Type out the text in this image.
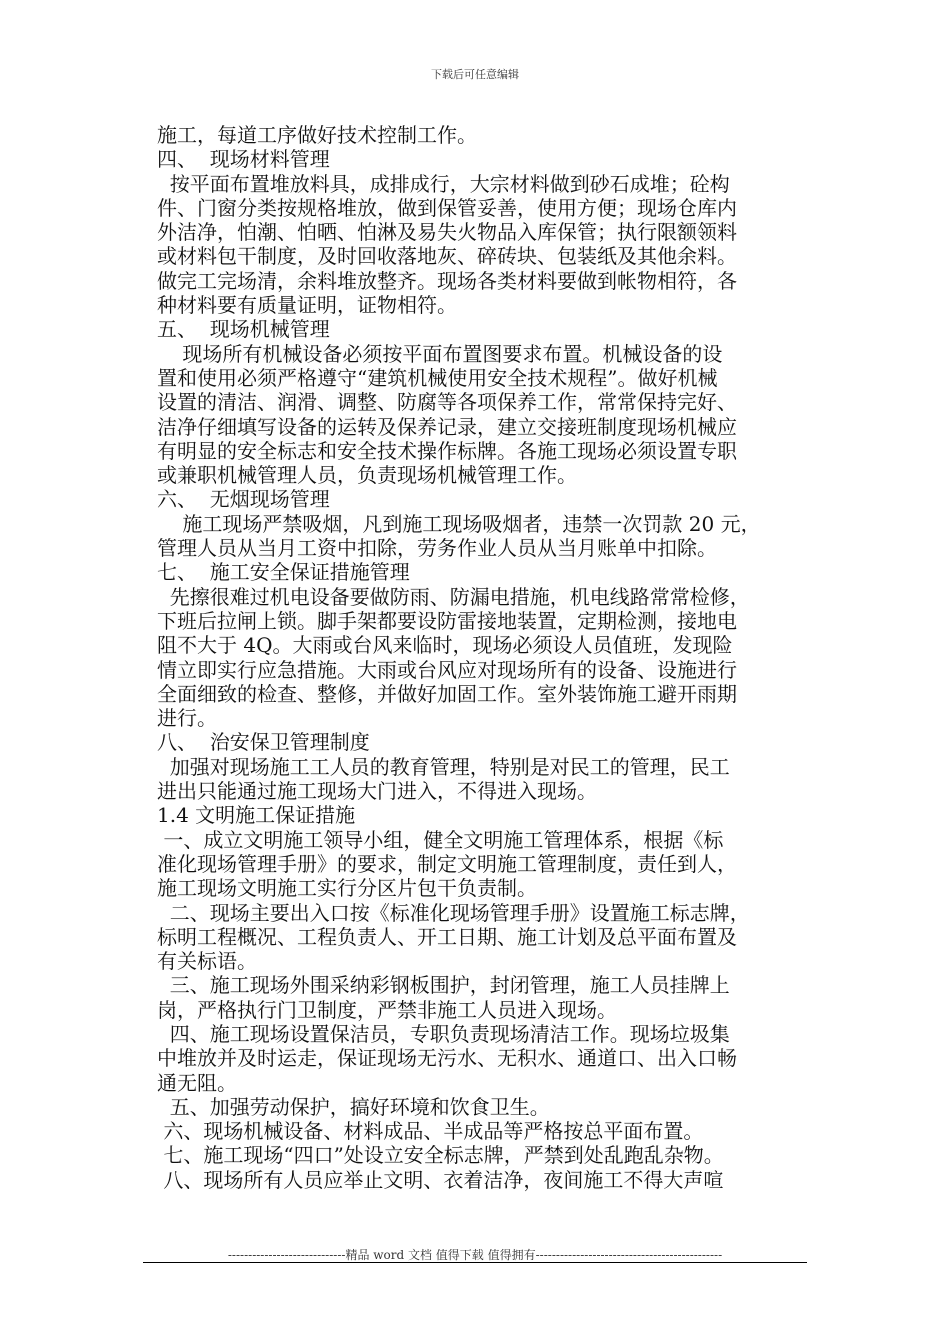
下载后可任意编辑
施工，每道工序做好技术控制工作。
四、  现场材料管理
按平面布置堆放料具，成排成行，大宗材料做到砂石成堆；砼构
件、门窗分类按规格堆放，做到保管妥善，使用方便；现场仓库内
外洁净，怕潮、怕晒、怕淋及易失火物品入库保管；执行限额领料
或材料包干制度，及时回收落地灰、碎砖块、包装纸及其他余料。
做完工完场清，余料堆放整齐。现场各类材料要做到帐物相符，各
种材料要有质量证明，证物相符。
五、  现场机械管理
现场所有机械设备必须按平面布置图要求布置。机械设备的设
置和使用必须严格遵守“建筑机械使用安全技术规程”。做好机械
设置的清洁、润滑、调整、防腐等各项保养工作，常常保持完好、
洁净仔细填写设备的运转及保养记录，建立交接班制度现场机械应
有明显的安全标志和安全技术操作标牌。各施工现场必须设置专职
或兼职机械管理人员，负责现场机械管理工作。
六、  无烟现场管理
施工现场严禁吸烟，凡到施工现场吸烟者，违禁一次罚款 20 元，
管理人员从当月工资中扣除，劳务作业人员从当月账单中扣除。
七、  施工安全保证措施管理
先擦很难过机电设备要做防雨、防漏电措施，机电线路常常检修，
下班后拉闸上锁。脚手架都要设防雷接地装置，定期检测，接地电
阻不大于 4Q。大雨或台风来临时，现场必须设人员值班，发现险
情立即实行应急措施。大雨或台风应对现场所有的设备、设施进行
全面细致的检查、整修，并做好加固工作。室外装饰施工避开雨期
进行。
八、  治安保卫管理制度
加强对现场施工工人员的教育管理，特别是对民工的管理，民工
进出只能通过施工现场大门进入，不得进入现场。
1.4 文明施工保证措施
一、成立文明施工领导小组，健全文明施工管理体系，根据《标
准化现场管理手册》的要求，制定文明施工管理制度，责任到人，
施工现场文明施工实行分区片包干负责制。
二、现场主要出入口按《标准化现场管理手册》设置施工标志牌，
标明工程概况、工程负责人、开工日期、施工计划及总平面布置及
有关标语。
三、施工现场外围采纳彩钢板围护，封闭管理，施工人员挂牌上
岗，严格执行门卫制度，严禁非施工人员进入现场。
四、施工现场设置保洁员，专职负责现场清洁工作。现场垃圾集
中堆放并及时运走，保证现场无污水、无积水、通道口、出入口畅
通无阻。
五、加强劳动保护，搞好环境和饮食卫生。
六、现场机械设备、材料成品、半成品等严格按总平面布置。
七、施工现场“四口”处设立安全标志牌，严禁到处乱跑乱杂物。
八、现场所有人员应举止文明、衣着洁净，夜间施工不得大声喧
-----------------------------精品 word 文档 值得下载 值得拥有----------------------------------------------
